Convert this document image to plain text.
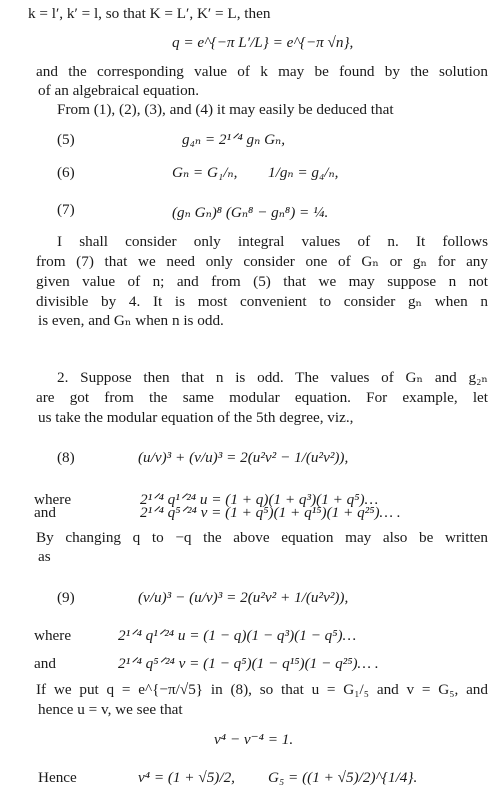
k = l′, k′ = l, so that K = L′, K′ = L, then
q = e^{−π L′/L} = e^{−π √n},
and the corresponding value of k may be found by the solution
of an algebraical equation.
From (1), (2), (3), and (4) it may easily be deduced that
(5)	g₄ₙ = 2¹ᐟ⁴ gₙ Gₙ,
(6)	Gₙ = G₁/ₙ, 1/gₙ = g₄/ₙ,
(7)	(gₙ Gₙ)⁸ (Gₙ⁸ − gₙ⁸) = ¼.
I shall consider only integral values of n. It follows
from (7) that we need only consider one of Gₙ or gₙ for any
given value of n; and from (5) that we may suppose n not
divisible by 4. It is most convenient to consider gₙ when n
is even, and Gₙ when n is odd.
2. Suppose then that n is odd. The values of Gₙ and g₂ₙ
are got from the same modular equation. For example, let
us take the modular equation of the 5th degree, viz.,
(8)	(u/v)³ + (v/u)³ = 2(u²v² − 1/(u²v²)),
where	2¹ᐟ⁴ q¹ᐟ²⁴ u = (1 + q)(1 + q³)(1 + q⁵)…
and	2¹ᐟ⁴ q⁵ᐟ²⁴ v = (1 + q⁵)(1 + q¹⁵)(1 + q²⁵)… .
By changing q to −q the above equation may also be written
as
(9)	(v/u)³ − (u/v)³ = 2(u²v² + 1/(u²v²)),
where	2¹ᐟ⁴ q¹ᐟ²⁴ u = (1 − q)(1 − q³)(1 − q⁵)…
and	2¹ᐟ⁴ q⁵ᐟ²⁴ v = (1 − q⁵)(1 − q¹⁵)(1 − q²⁵)… .
If we put q = e^{−π/√5} in (8), so that u = G₁/₅ and v = G₅, and
hence u = v, we see that
v⁴ − v⁻⁴ = 1.
Hence	v⁴ = (1 + √5)/2, G₅ = ((1 + √5)/2)^{1/4}.
